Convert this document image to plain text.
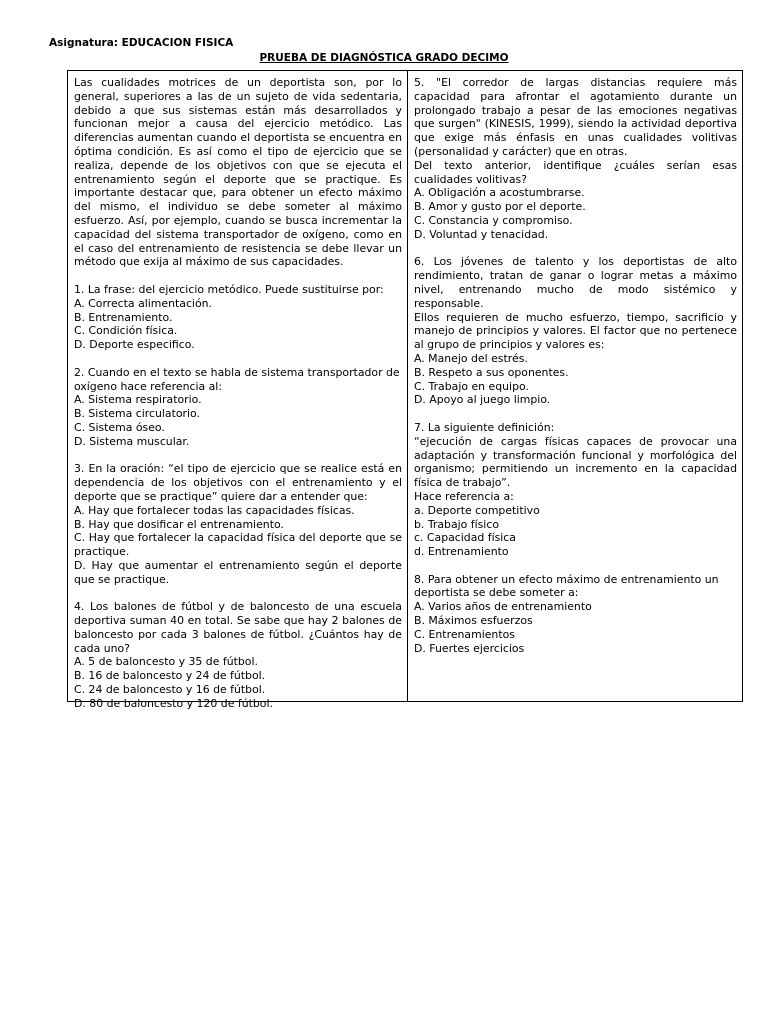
Asignatura: EDUCACION FISICA
PRUEBA DE DIAGNÓSTICA GRADO DECIMO
Las cualidades motrices de un deportista son, por lo general, superiores a las de un sujeto de vida sedentaria, debido a que sus sistemas están más desarrollados y funcionan mejor a causa del ejercicio metódico. Las diferencias aumentan cuando el deportista se encuentra en óptima condición. Es así como el tipo de ejercicio que se realiza, depende de los objetivos con que se ejecuta el entrenamiento según el deporte que se practique. Es importante destacar que, para obtener un efecto máximo del mismo, el individuo se debe someter al máximo esfuerzo. Así, por ejemplo, cuando se busca incrementar la capacidad del sistema transportador de oxígeno, como en el caso del entrenamiento de resistencia se debe llevar un método que exija al máximo de sus capacidades.
1. La frase: del ejercicio metódico. Puede sustituirse por:
A. Correcta alimentación.
B. Entrenamiento.
C. Condición física.
D. Deporte especifico.
2. Cuando en el texto se habla de sistema transportador de oxígeno hace referencia al:
A. Sistema respiratorio.
B. Sistema circulatorio.
C. Sistema óseo.
D. Sistema muscular.
3. En la oración: “el tipo de ejercicio que se realice está en dependencia de los objetivos con el entrenamiento y el deporte que se practique” quiere dar a entender que:
A. Hay que fortalecer todas las capacidades físicas.
B. Hay que dosificar el entrenamiento.
C. Hay que fortalecer la capacidad física del deporte que se practique.
D. Hay que aumentar el entrenamiento según el deporte que se practique.
4. Los balones de fútbol y de baloncesto de una escuela deportiva suman 40 en total. Se sabe que hay 2 balones de baloncesto por cada 3 balones de fútbol. ¿Cuántos hay de cada uno?
A. 5 de baloncesto y 35 de fútbol.
B. 16 de baloncesto y 24 de fútbol.
C. 24 de baloncesto y 16 de fútbol.
D. 80 de baloncesto y 120 de fútbol.
5. "El corredor de largas distancias requiere más capacidad para afrontar el agotamiento durante un prolongado trabajo a pesar de las emociones negativas que surgen" (KINESIS, 1999), siendo la actividad deportiva que exige más énfasis en unas cualidades volitivas (personalidad y carácter) que en otras.
Del texto anterior, identifique ¿cuáles serían esas cualidades volitivas?
A. Obligación a acostumbrarse.
B. Amor y gusto por el deporte.
C. Constancia y compromiso.
D. Voluntad y tenacidad.
6. Los jóvenes de talento y los deportistas de alto rendimiento, tratan de ganar o lograr metas a máximo nivel, entrenando mucho de modo sistémico y responsable.
Ellos requieren de mucho esfuerzo, tiempo, sacrificio y manejo de principios y valores. El factor que no pertenece al grupo de principios y valores es:
A. Manejo del estrés.
B. Respeto a sus oponentes.
C. Trabajo en equipo.
D. Apoyo al juego limpio.
7. La siguiente definición:
“ejecución de cargas físicas capaces de provocar una adaptación y transformación funcional y morfológica del organismo; permitiendo un incremento en la capacidad física de trabajo”.
Hace referencia a:
a. Deporte competitivo
b. Trabajo físico
c. Capacidad física
d. Entrenamiento
8. Para obtener un efecto máximo de entrenamiento un deportista se debe someter a:
A. Varios años de entrenamiento
B. Máximos esfuerzos
C. Entrenamientos
D. Fuertes ejercicios
